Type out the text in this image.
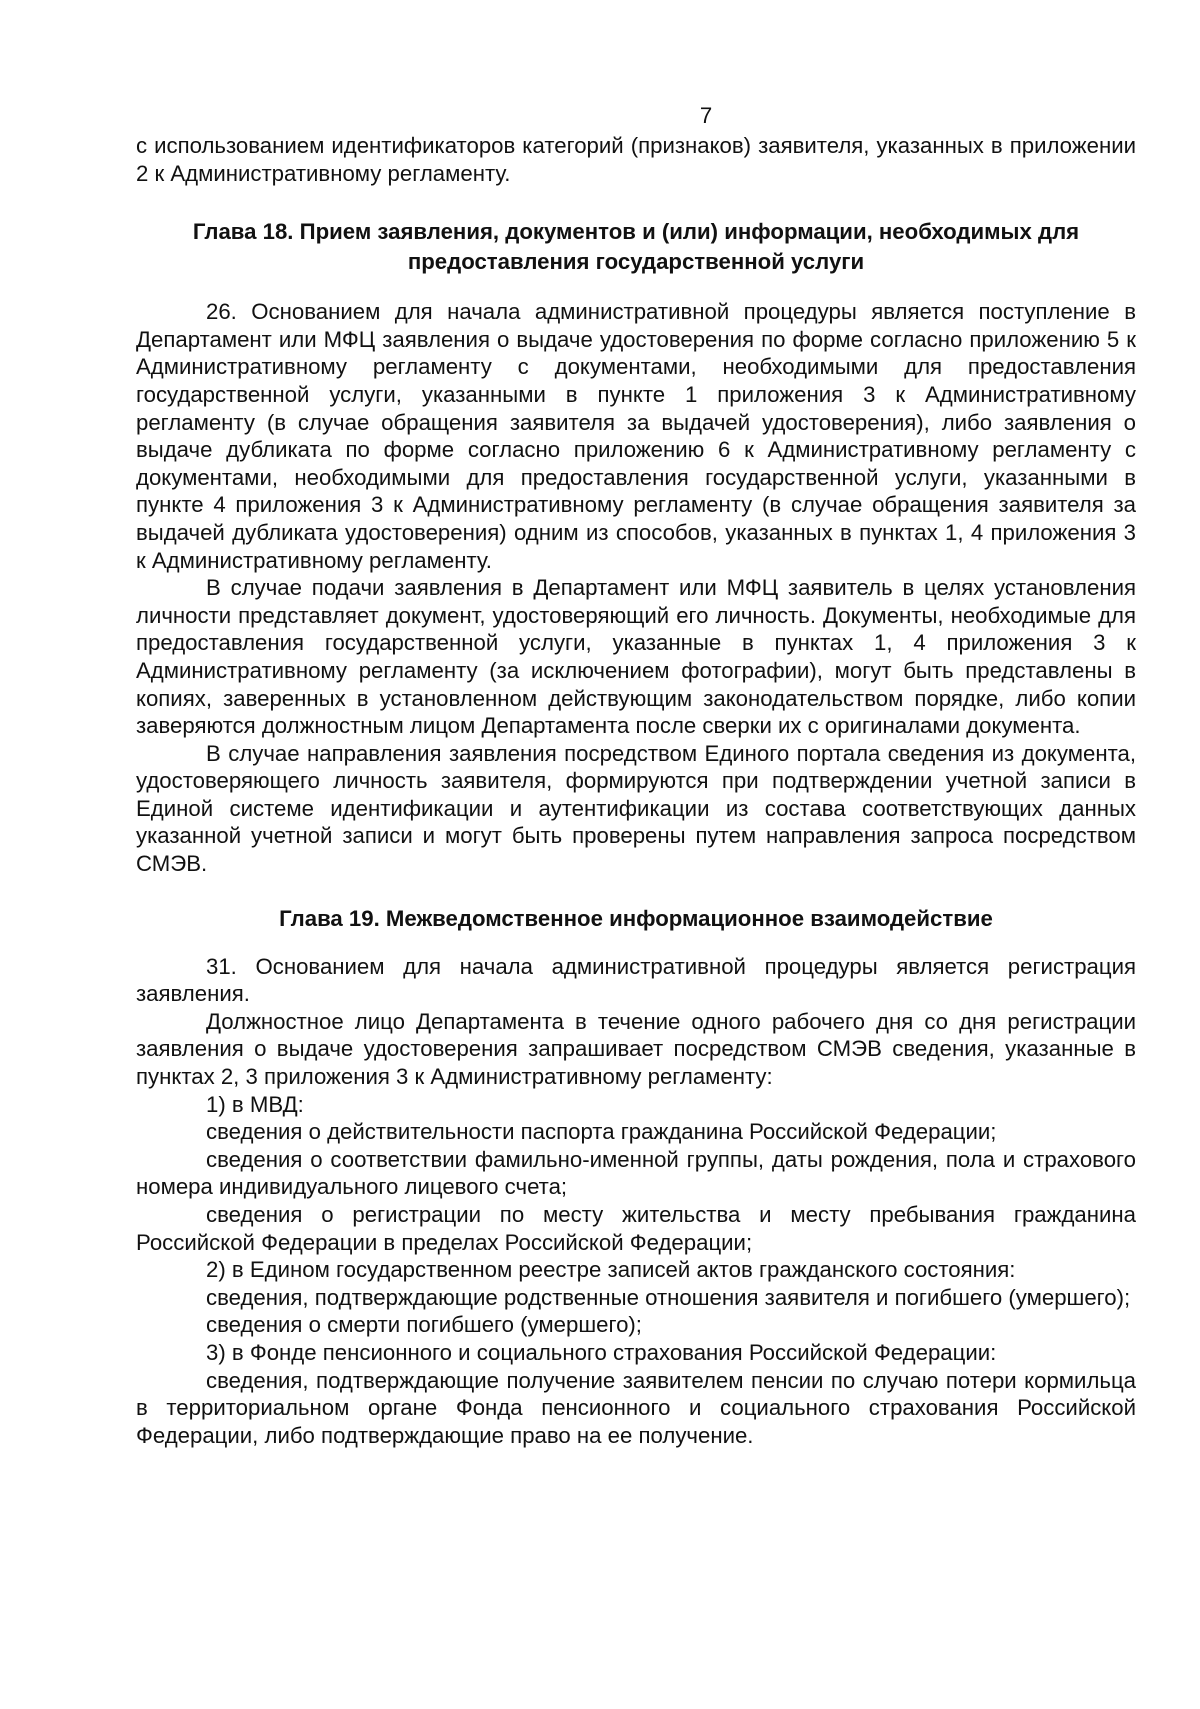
7

с использованием идентификаторов категорий (признаков) заявителя, указанных в приложении 2 к Административному регламенту.

Глава 18. Прием заявления, документов и (или) информации, необходимых для предоставления государственной услуги

26. Основанием для начала административной процедуры является поступление в Департамент или МФЦ заявления о выдаче удостоверения по форме согласно приложению 5 к Административному регламенту с документами, необходимыми для предоставления государственной услуги, указанными в пункте 1 приложения 3 к Административному регламенту (в случае обращения заявителя за выдачей удостоверения), либо заявления о выдаче дубликата по форме согласно приложению 6 к Административному регламенту с документами, необходимыми для предоставления государственной услуги, указанными в пункте 4 приложения 3 к Административному регламенту (в случае обращения заявителя за выдачей дубликата удостоверения) одним из способов, указанных в пунктах 1, 4 приложения 3 к Административному регламенту.

В случае подачи заявления в Департамент или МФЦ заявитель в целях установления личности представляет документ, удостоверяющий его личность. Документы, необходимые для предоставления государственной услуги, указанные в пунктах 1, 4 приложения 3 к Административному регламенту (за исключением фотографии), могут быть представлены в копиях, заверенных в установленном действующим законодательством порядке, либо копии заверяются должностным лицом Департамента после сверки их с оригиналами документа.

В случае направления заявления посредством Единого портала сведения из документа, удостоверяющего личность заявителя, формируются при подтверждении учетной записи в Единой системе идентификации и аутентификации из состава соответствующих данных указанной учетной записи и могут быть проверены путем направления запроса посредством СМЭВ.

Глава 19. Межведомственное информационное взаимодействие

31. Основанием для начала административной процедуры является регистрация заявления.

Должностное лицо Департамента в течение одного рабочего дня со дня регистрации заявления о выдаче удостоверения запрашивает посредством СМЭВ сведения, указанные в пунктах 2, 3 приложения 3 к Административному регламенту:

1) в МВД:

сведения о действительности паспорта гражданина Российской Федерации;

сведения о соответствии фамильно-именной группы, даты рождения, пола и страхового номера индивидуального лицевого счета;

сведения о регистрации по месту жительства и месту пребывания гражданина Российской Федерации в пределах Российской Федерации;

2) в Едином государственном реестре записей актов гражданского состояния:

сведения, подтверждающие родственные отношения заявителя и погибшего (умершего);

сведения о смерти погибшего (умершего);

3) в Фонде пенсионного и социального страхования Российской Федерации:

сведения, подтверждающие получение заявителем пенсии по случаю потери кормильца в территориальном органе Фонда пенсионного и социального страхования Российской Федерации, либо подтверждающие право на ее получение.
